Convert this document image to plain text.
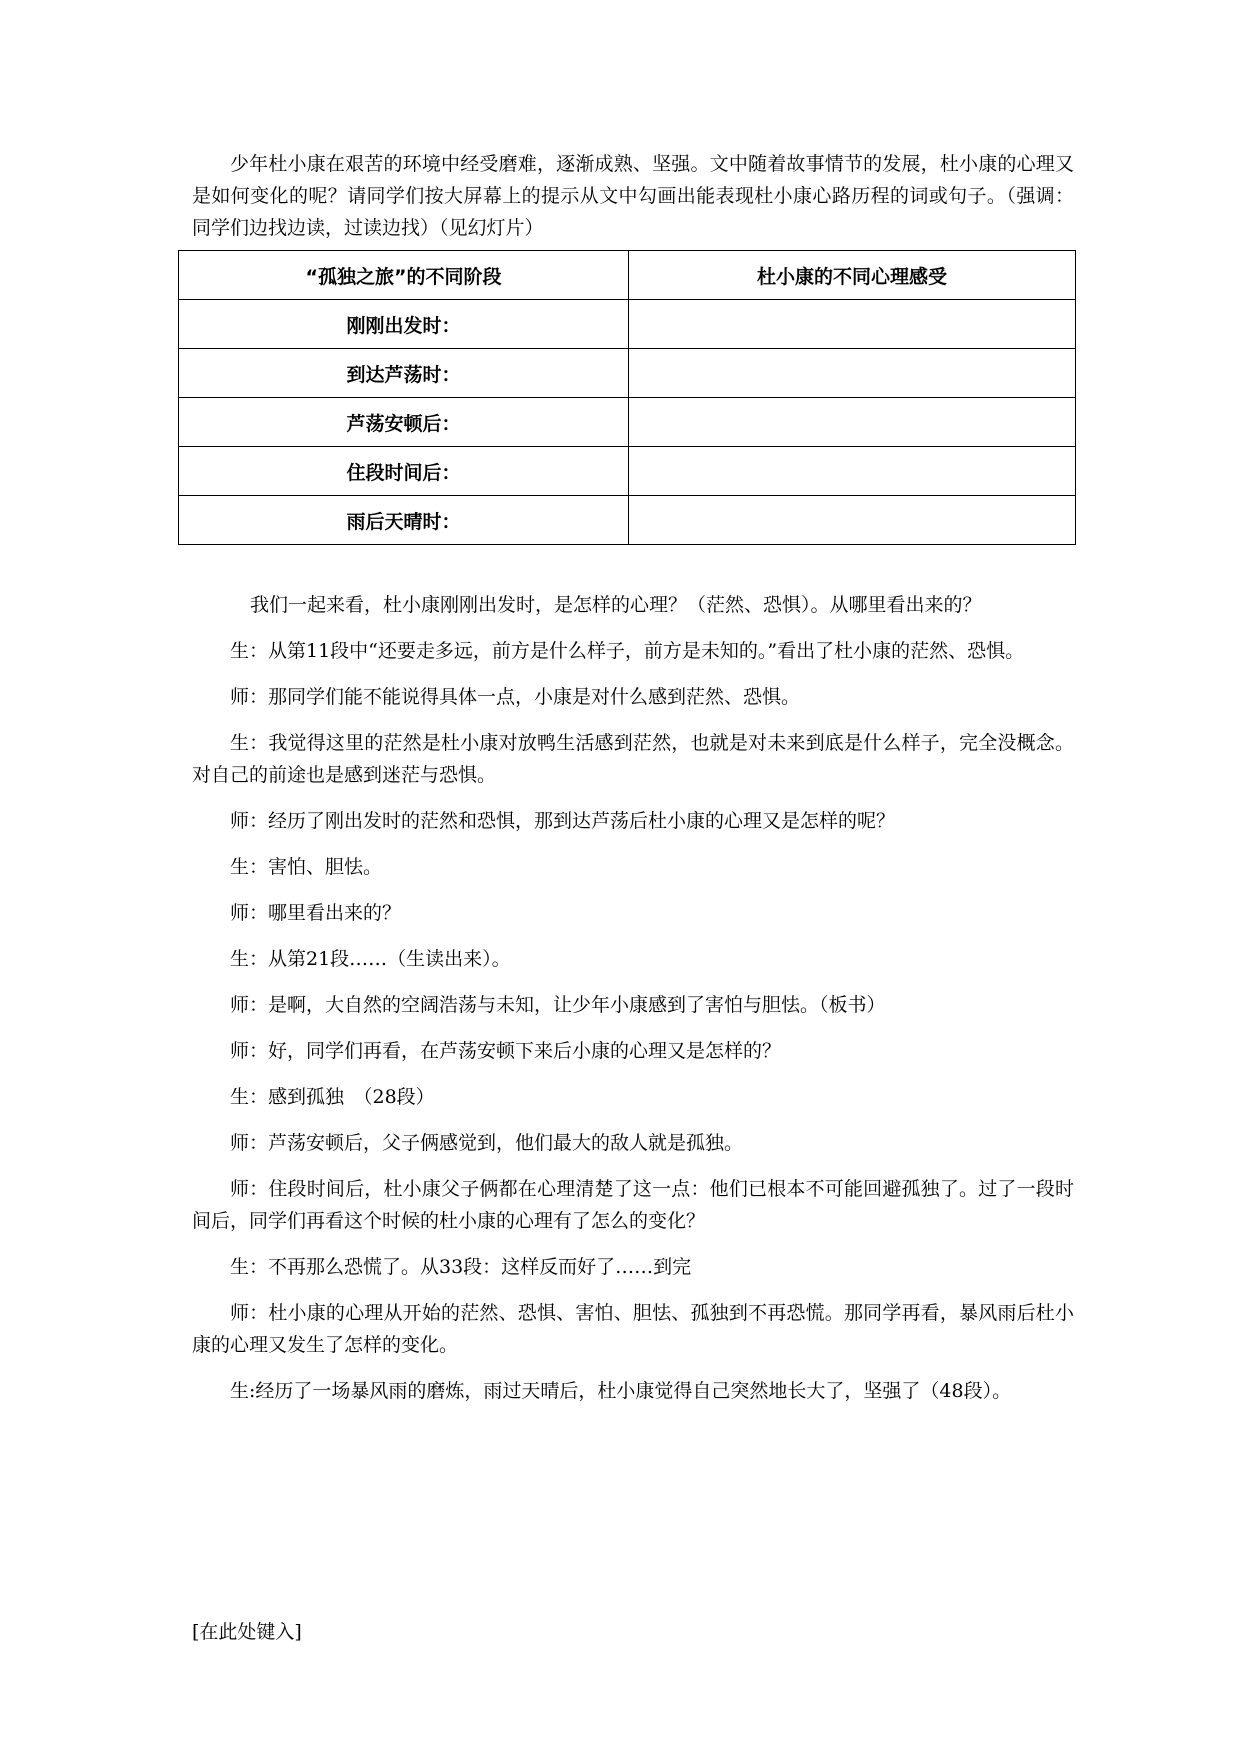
少年杜小康在艰苦的环境中经受磨难，逐渐成熟、坚强。文中随着故事情节的发展，杜小康的心理又是如何变化的呢？请同学们按大屏幕上的提示从文中勾画出能表现杜小康心路历程的词或句子。（强调：同学们边找边读，过读边找）（见幻灯片）

“孤独之旅”的不同阶段	杜小康的不同心理感受
刚刚出发时：	
到达芦荡时：	
芦荡安顿后：	
住段时间后：	
雨后天晴时：	

我们一起来看，杜小康刚刚出发时，是怎样的心理？（茫然、恐惧）。从哪里看出来的？

生：从第11段中“还要走多远，前方是什么样子，前方是未知的。”看出了杜小康的茫然、恐惧。

师：那同学们能不能说得具体一点，小康是对什么感到茫然、恐惧。

生：我觉得这里的茫然是杜小康对放鸭生活感到茫然，也就是对未来到底是什么样子，完全没概念。对自己的前途也是感到迷茫与恐惧。

师：经历了刚出发时的茫然和恐惧，那到达芦荡后杜小康的心理又是怎样的呢？

生：害怕、胆怯。

师：哪里看出来的？

生：从第21段……（生读出来）。

师：是啊，大自然的空阔浩荡与未知，让少年小康感到了害怕与胆怯。（板书）

师：好，同学们再看，在芦荡安顿下来后小康的心理又是怎样的？

生：感到孤独　（28段）

师：芦荡安顿后，父子俩感觉到，他们最大的敌人就是孤独。

师：住段时间后，杜小康父子俩都在心理清楚了这一点：他们已根本不可能回避孤独了。过了一段时间后，同学们再看这个时候的杜小康的心理有了怎么的变化？

生：不再那么恐慌了。从33段：这样反而好了……到完

师：杜小康的心理从开始的茫然、恐惧、害怕、胆怯、孤独到不再恐慌。那同学再看，暴风雨后杜小康的心理又发生了怎样的变化。

生:经历了一场暴风雨的磨炼，雨过天晴后，杜小康觉得自己突然地长大了，坚强了（48段）。

[在此处键入]
